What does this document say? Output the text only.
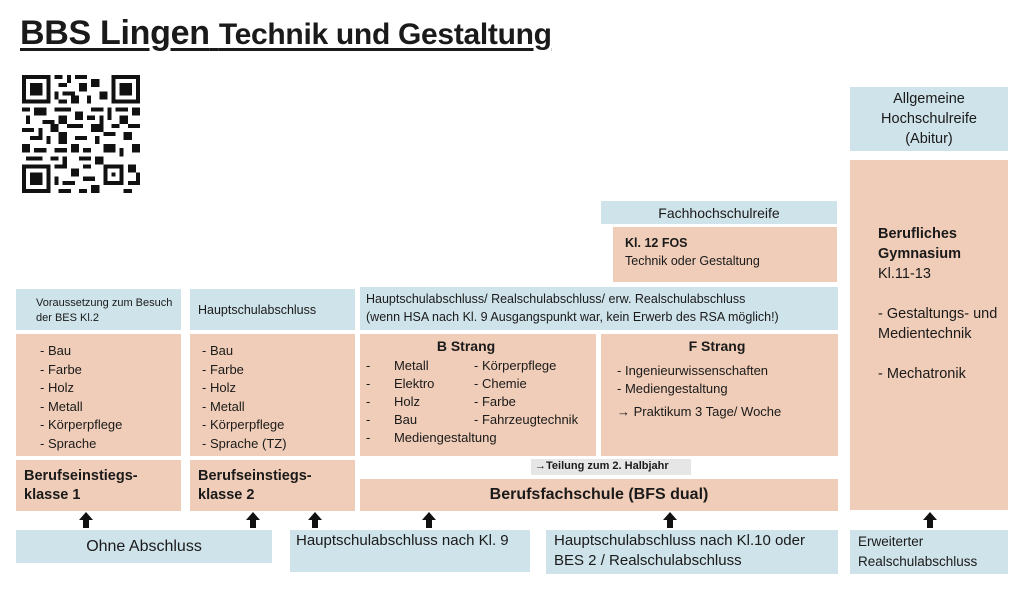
BBS Lingen Technik und Gestaltung
Allgemeine Hochschulreife (Abitur)
Berufliches Gymnasium
Kl.11-13
- Gestaltungs- und Medientechnik
- Mechatronik
Fachhochschulreife
Kl. 12 FOS
Technik oder Gestaltung
Voraussetzung zum Besuch der BES Kl.2
- Bau
- Farbe
- Holz
- Metall
- Körperpflege
- Sprache
Berufseinstiegs-klasse 1
Hauptschulabschluss
- Bau
- Farbe
- Holz
- Metall
- Körperpflege
- Sprache (TZ)
Berufseinstiegs-klasse 2
Hauptschulabschluss/ Realschulabschluss/ erw. Realschulabschluss
(wenn HSA nach Kl. 9 Ausgangspunkt war, kein Erwerb des RSA möglich!)
B Strang
- Metall
- Elektro
- Holz
- Bau
- Mediengestaltung
- Körperpflege
- Chemie
- Farbe
- Fahrzeugtechnik
F Strang
- Ingenieurwissenschaften
- Mediengestaltung
→ Praktikum 3 Tage/ Woche
→Teilung zum 2. Halbjahr
Berufsfachschule (BFS dual)
Ohne Abschluss	Hauptschulabschluss nach Kl. 9	Hauptschulabschluss nach Kl.10 oder BES 2 / Realschulabschluss
Erweiterter Realschulabschluss
